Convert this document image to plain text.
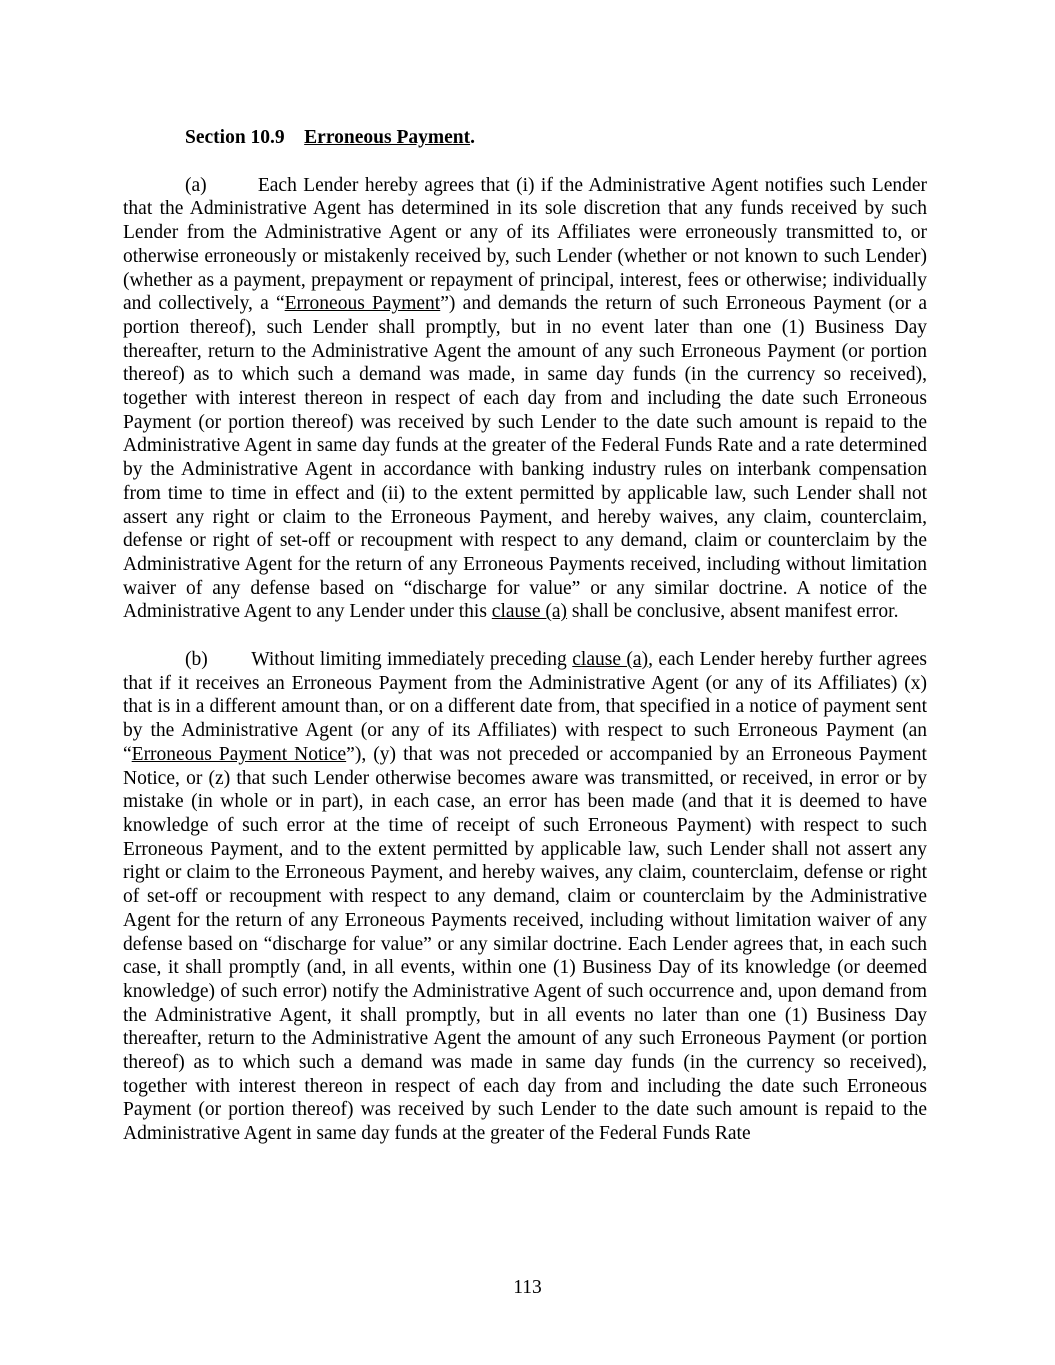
Section 10.9 Erroneous Payment.

(a)        Each Lender hereby agrees that (i) if the Administrative Agent notifies such Lender that the Administrative Agent has determined in its sole discretion that any funds received by such Lender from the Administrative Agent or any of its Affiliates were erroneously transmitted to, or otherwise erroneously or mistakenly received by, such Lender (whether or not known to such Lender) (whether as a payment, prepayment or repayment of principal, interest, fees or otherwise; individually and collectively, a “Erroneous Payment”) and demands the return of such Erroneous Payment (or a portion thereof), such Lender shall promptly, but in no event later than one (1) Business Day thereafter, return to the Administrative Agent the amount of any such Erroneous Payment (or portion thereof) as to which such a demand was made, in same day funds (in the currency so received), together with interest thereon in respect of each day from and including the date such Erroneous Payment (or portion thereof) was received by such Lender to the date such amount is repaid to the Administrative Agent in same day funds at the greater of the Federal Funds Rate and a rate determined by the Administrative Agent in accordance with banking industry rules on interbank compensation from time to time in effect and (ii) to the extent permitted by applicable law, such Lender shall not assert any right or claim to the Erroneous Payment, and hereby waives, any claim, counterclaim, defense or right of set-off or recoupment with respect to any demand, claim or counterclaim by the Administrative Agent for the return of any Erroneous Payments received, including without limitation waiver of any defense based on “discharge for value” or any similar doctrine. A notice of the Administrative Agent to any Lender under this clause (a) shall be conclusive, absent manifest error.

(b)        Without limiting immediately preceding clause (a), each Lender hereby further agrees that if it receives an Erroneous Payment from the Administrative Agent (or any of its Affiliates) (x) that is in a different amount than, or on a different date from, that specified in a notice of payment sent by the Administrative Agent (or any of its Affiliates) with respect to such Erroneous Payment (an “Erroneous Payment Notice”), (y) that was not preceded or accompanied by an Erroneous Payment Notice, or (z) that such Lender otherwise becomes aware was transmitted, or received, in error or by mistake (in whole or in part), in each case, an error has been made (and that it is deemed to have knowledge of such error at the time of receipt of such Erroneous Payment) with respect to such Erroneous Payment, and to the extent permitted by applicable law, such Lender shall not assert any right or claim to the Erroneous Payment, and hereby waives, any claim, counterclaim, defense or right of set-off or recoupment with respect to any demand, claim or counterclaim by the Administrative Agent for the return of any Erroneous Payments received, including without limitation waiver of any defense based on “discharge for value” or any similar doctrine. Each Lender agrees that, in each such case, it shall promptly (and, in all events, within one (1) Business Day of its knowledge (or deemed knowledge) of such error) notify the Administrative Agent of such occurrence and, upon demand from the Administrative Agent, it shall promptly, but in all events no later than one (1) Business Day thereafter, return to the Administrative Agent the amount of any such Erroneous Payment (or portion thereof) as to which such a demand was made in same day funds (in the currency so received), together with interest thereon in respect of each day from and including the date such Erroneous Payment (or portion thereof) was received by such Lender to the date such amount is repaid to the Administrative Agent in same day funds at the greater of the Federal Funds Rate

113
